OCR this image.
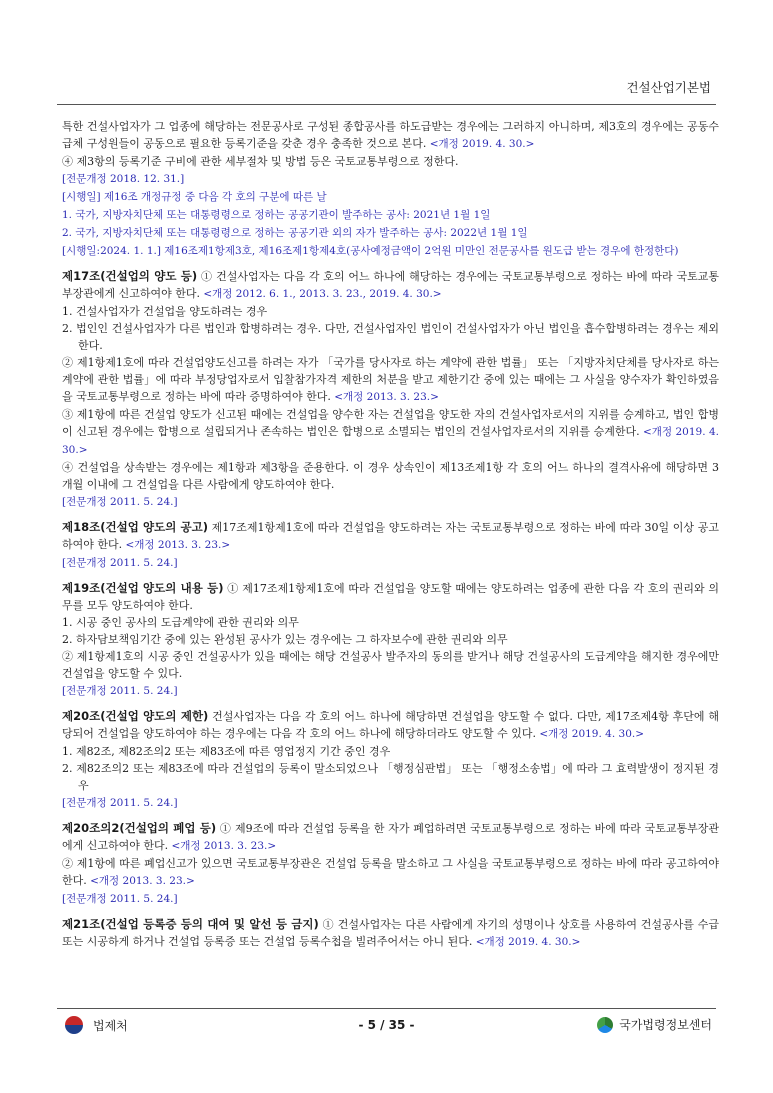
건설산업기본법

특한 건설사업자가 그 업종에 해당하는 전문공사로 구성된 종합공사를 하도급받는 경우에는 그러하지 아니하며, 제3호의 경우에는 공동수급체 구성원들이 공동으로 필요한 등록기준을 갖춘 경우 충족한 것으로 본다. <개정 2019. 4. 30.>

④ 제3항의 등록기준 구비에 관한 세부절차 및 방법 등은 국토교통부령으로 정한다.

[전문개정 2018. 12. 31.]

[시행일] 제16조 개정규정 중 다음 각 호의 구분에 따른 날

1. 국가, 지방자치단체 또는 대통령령으로 정하는 공공기관이 발주하는 공사: 2021년 1월 1일

2. 국가, 지방자치단체 또는 대통령령으로 정하는 공공기관 외의 자가 발주하는 공사: 2022년 1월 1일

[시행일:2024. 1. 1.] 제16조제1항제3호, 제16조제1항제4호(공사예정금액이 2억원 미만인 전문공사를 원도급 받는 경우에 한정한다)

제17조(건설업의 양도 등) ① 건설사업자는 다음 각 호의 어느 하나에 해당하는 경우에는 국토교통부령으로 정하는 바에 따라 국토교통부장관에게 신고하여야 한다. <개정 2012. 6. 1., 2013. 3. 23., 2019. 4. 30.>

1. 건설사업자가 건설업을 양도하려는 경우

2. 법인인 건설사업자가 다른 법인과 합병하려는 경우. 다만, 건설사업자인 법인이 건설사업자가 아닌 법인을 흡수합병하려는 경우는 제외한다.

② 제1항제1호에 따라 건설업양도신고를 하려는 자가 「국가를 당사자로 하는 계약에 관한 법률」 또는 「지방자치단체를 당사자로 하는 계약에 관한 법률」에 따라 부정당업자로서 입찰참가자격 제한의 처분을 받고 제한기간 중에 있는 때에는 그 사실을 양수자가 확인하였음을 국토교통부령으로 정하는 바에 따라 증명하여야 한다. <개정 2013. 3. 23.>

③ 제1항에 따른 건설업 양도가 신고된 때에는 건설업을 양수한 자는 건설업을 양도한 자의 건설사업자로서의 지위를 승계하고, 법인 합병이 신고된 경우에는 합병으로 설립되거나 존속하는 법인은 합병으로 소멸되는 법인의 건설사업자로서의 지위를 승계한다. <개정 2019. 4. 30.>

④ 건설업을 상속받는 경우에는 제1항과 제3항을 준용한다. 이 경우 상속인이 제13조제1항 각 호의 어느 하나의 결격사유에 해당하면 3개월 이내에 그 건설업을 다른 사람에게 양도하여야 한다.

[전문개정 2011. 5. 24.]

제18조(건설업 양도의 공고) 제17조제1항제1호에 따라 건설업을 양도하려는 자는 국토교통부령으로 정하는 바에 따라 30일 이상 공고하여야 한다. <개정 2013. 3. 23.>

[전문개정 2011. 5. 24.]

제19조(건설업 양도의 내용 등) ① 제17조제1항제1호에 따라 건설업을 양도할 때에는 양도하려는 업종에 관한 다음 각 호의 권리와 의무를 모두 양도하여야 한다.

1. 시공 중인 공사의 도급계약에 관한 권리와 의무

2. 하자담보책임기간 중에 있는 완성된 공사가 있는 경우에는 그 하자보수에 관한 권리와 의무

② 제1항제1호의 시공 중인 건설공사가 있을 때에는 해당 건설공사 발주자의 동의를 받거나 해당 건설공사의 도급계약을 해지한 경우에만 건설업을 양도할 수 있다.

[전문개정 2011. 5. 24.]

제20조(건설업 양도의 제한) 건설사업자는 다음 각 호의 어느 하나에 해당하면 건설업을 양도할 수 없다. 다만, 제17조제4항 후단에 해당되어 건설업을 양도하여야 하는 경우에는 다음 각 호의 어느 하나에 해당하더라도 양도할 수 있다. <개정 2019. 4. 30.>

1. 제82조, 제82조의2 또는 제83조에 따른 영업정지 기간 중인 경우

2. 제82조의2 또는 제83조에 따라 건설업의 등록이 말소되었으나 「행정심판법」 또는 「행정소송법」에 따라 그 효력발생이 정지된 경우

[전문개정 2011. 5. 24.]

제20조의2(건설업의 폐업 등) ① 제9조에 따라 건설업 등록을 한 자가 폐업하려면 국토교통부령으로 정하는 바에 따라 국토교통부장관에게 신고하여야 한다. <개정 2013. 3. 23.>

② 제1항에 따른 폐업신고가 있으면 국토교통부장관은 건설업 등록을 말소하고 그 사실을 국토교통부령으로 정하는 바에 따라 공고하여야 한다. <개정 2013. 3. 23.>

[전문개정 2011. 5. 24.]

제21조(건설업 등록증 등의 대여 및 알선 등 금지) ① 건설사업자는 다른 사람에게 자기의 성명이나 상호를 사용하여 건설공사를 수급 또는 시공하게 하거나 건설업 등록증 또는 건설업 등록수첩을 빌려주어서는 아니 된다. <개정 2019. 4. 30.>

법제처	- 5 / 35 -	국가법령정보센터
